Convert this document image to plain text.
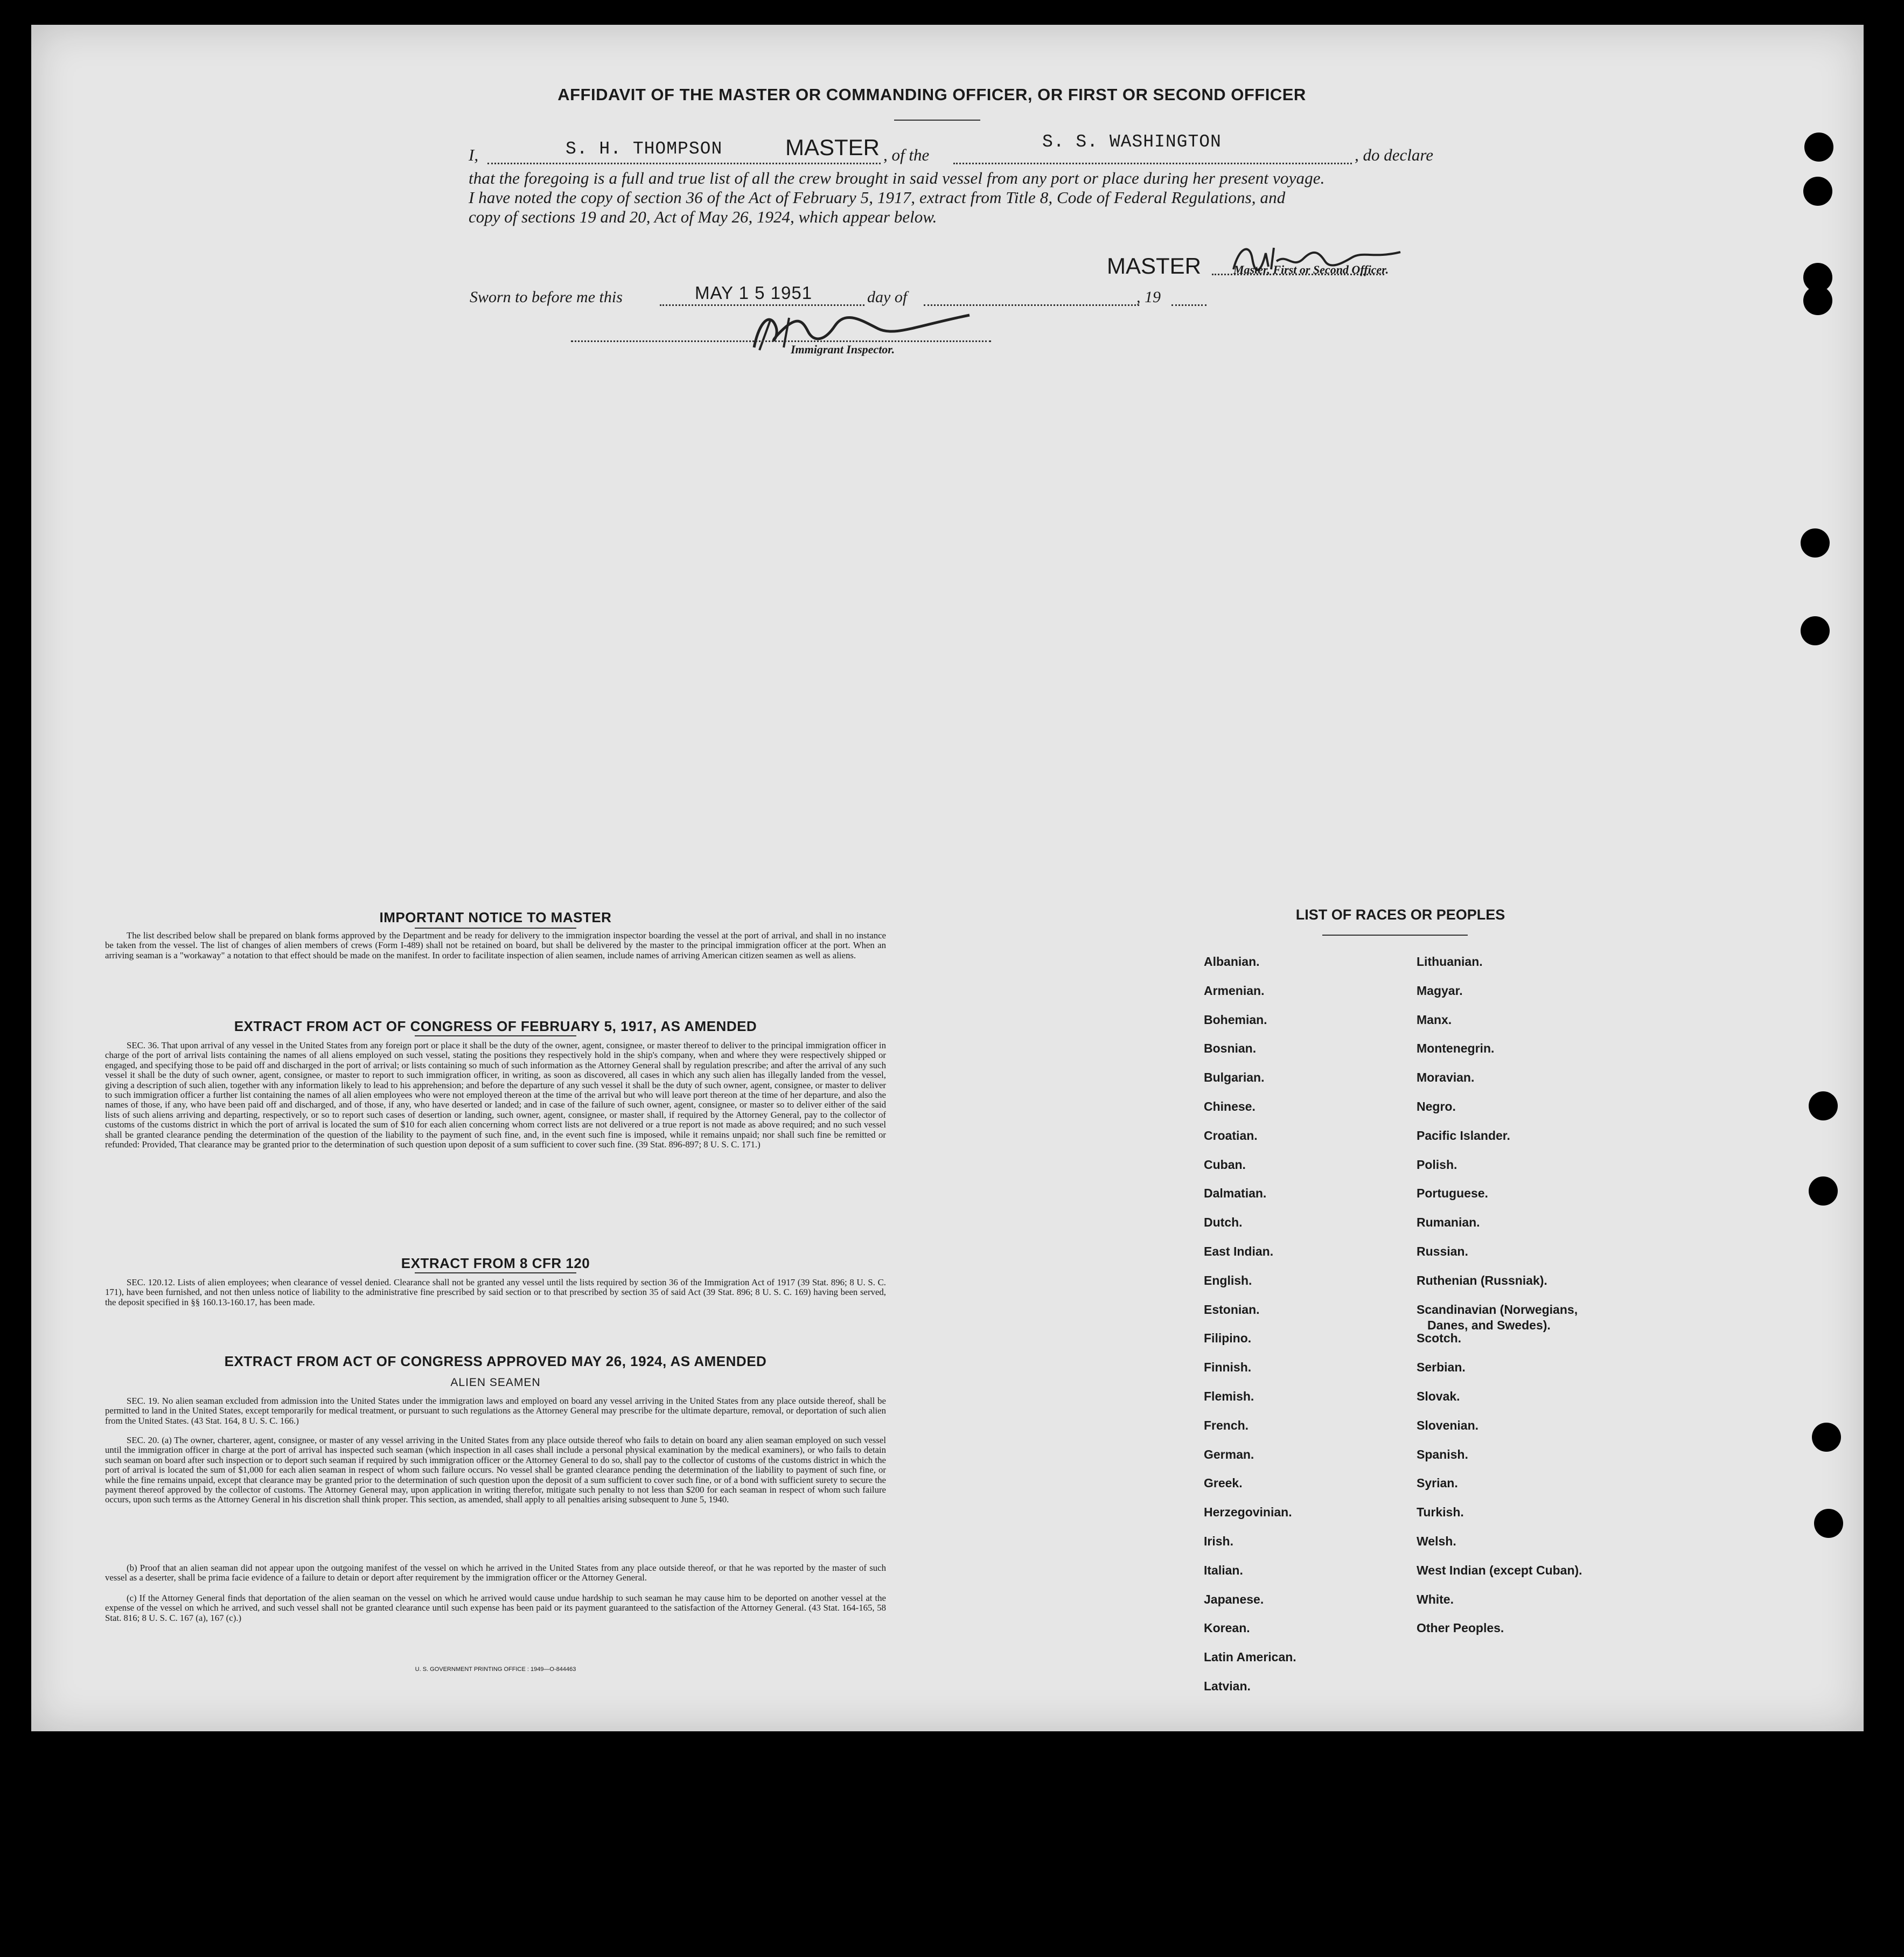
AFFIDAVIT OF THE MASTER OR COMMANDING OFFICER, OR FIRST OR SECOND OFFICER
I,	S. H. THOMPSON	MASTER , of the
S. S. WASHINGTON
, do declare
that the foregoing is a full and true list of all the crew brought in said vessel from any port or place during her present voyage.
I have noted the copy of section 36 of the Act of February 5, 1917, extract from Title 8, Code of Federal Regulations, and
copy of sections 19 and 20, Act of May 26, 1924, which appear below.
MASTER	Master, First or Second Officer.
Sworn to before me this	MAY 1 5 1951	day of	, 19
Immigrant Inspector.
IMPORTANT NOTICE TO MASTER
The list described below shall be prepared on blank forms approved by the Department and be ready for delivery to the immigration inspector boarding the vessel at the port of arrival, and shall in no instance be taken from the vessel. The list of changes of alien members of crews (Form I-489) shall not be retained on board, but shall be delivered by the master to the principal immigration officer at the port. When an arriving seaman is a "workaway" a notation to that effect should be made on the manifest. In order to facilitate inspection of alien seamen, include names of arriving American citizen seamen as well as aliens.
EXTRACT FROM ACT OF CONGRESS OF FEBRUARY 5, 1917, AS AMENDED
SEC. 36. That upon arrival of any vessel in the United States from any foreign port or place it shall be the duty of the owner, agent, consignee, or master thereof to deliver to the principal immigration officer in charge of the port of arrival lists containing the names of all aliens employed on such vessel, stating the positions they respectively hold in the ship's company, when and where they were respectively shipped or engaged, and specifying those to be paid off and discharged in the port of arrival; or lists containing so much of such information as the Attorney General shall by regulation prescribe; and after the arrival of any such vessel it shall be the duty of such owner, agent, consignee, or master to report to such immigration officer, in writing, as soon as discovered, all cases in which any such alien has illegally landed from the vessel, giving a description of such alien, together with any information likely to lead to his apprehension; and before the departure of any such vessel it shall be the duty of such owner, agent, consignee, or master to deliver to such immigration officer a further list containing the names of all alien employees who were not employed thereon at the time of the arrival but who will leave port thereon at the time of her departure, and also the names of those, if any, who have been paid off and discharged, and of those, if any, who have deserted or landed; and in case of the failure of such owner, agent, consignee, or master so to deliver either of the said lists of such aliens arriving and departing, respectively, or so to report such cases of desertion or landing, such owner, agent, consignee, or master shall, if required by the Attorney General, pay to the collector of customs of the customs district in which the port of arrival is located the sum of $10 for each alien concerning whom correct lists are not delivered or a true report is not made as above required; and no such vessel shall be granted clearance pending the determination of the question of the liability to the payment of such fine, and, in the event such fine is imposed, while it remains unpaid; nor shall such fine be remitted or refunded: Provided, That clearance may be granted prior to the determination of such question upon deposit of a sum sufficient to cover such fine. (39 Stat. 896-897; 8 U. S. C. 171.)
EXTRACT FROM 8 CFR 120
SEC. 120.12. Lists of alien employees; when clearance of vessel denied. Clearance shall not be granted any vessel until the lists required by section 36 of the Immigration Act of 1917 (39 Stat. 896; 8 U. S. C. 171), have been furnished, and not then unless notice of liability to the administrative fine prescribed by said section or to that prescribed by section 35 of said Act (39 Stat. 896; 8 U. S. C. 169) having been served, the deposit specified in §§ 160.13-160.17, has been made.
EXTRACT FROM ACT OF CONGRESS APPROVED MAY 26, 1924, AS AMENDED
ALIEN SEAMEN
SEC. 19. No alien seaman excluded from admission into the United States under the immigration laws and employed on board any vessel arriving in the United States from any place outside thereof, shall be permitted to land in the United States, except temporarily for medical treatment, or pursuant to such regulations as the Attorney General may prescribe for the ultimate departure, removal, or deportation of such alien from the United States. (43 Stat. 164, 8 U. S. C. 166.)
SEC. 20. (a) The owner, charterer, agent, consignee, or master of any vessel arriving in the United States from any place outside thereof who fails to detain on board any alien seaman employed on such vessel until the immigration officer in charge at the port of arrival has inspected such seaman (which inspection in all cases shall include a personal physical examination by the medical examiners), or who fails to detain such seaman on board after such inspection or to deport such seaman if required by such immigration officer or the Attorney General to do so, shall pay to the collector of customs of the customs district in which the port of arrival is located the sum of $1,000 for each alien seaman in respect of whom such failure occurs. No vessel shall be granted clearance pending the determination of the liability to payment of such fine, or while the fine remains unpaid, except that clearance may be granted prior to the determination of such question upon the deposit of a sum sufficient to cover such fine, or of a bond with sufficient surety to secure the payment thereof approved by the collector of customs. The Attorney General may, upon application in writing therefor, mitigate such penalty to not less than $200 for each seaman in respect of whom such failure occurs, upon such terms as the Attorney General in his discretion shall think proper. This section, as amended, shall apply to all penalties arising subsequent to June 5, 1940.
(b) Proof that an alien seaman did not appear upon the outgoing manifest of the vessel on which he arrived in the United States from any place outside thereof, or that he was reported by the master of such vessel as a deserter, shall be prima facie evidence of a failure to detain or deport after requirement by the immigration officer or the Attorney General.
(c) If the Attorney General finds that deportation of the alien seaman on the vessel on which he arrived would cause undue hardship to such seaman he may cause him to be deported on another vessel at the expense of the vessel on which he arrived, and such vessel shall not be granted clearance until such expense has been paid or its payment guaranteed to the satisfaction of the Attorney General. (43 Stat. 164-165, 58 Stat. 816; 8 U. S. C. 167 (a), 167 (c).)
U. S. GOVERNMENT PRINTING OFFICE : 1949—O-844463
LIST OF RACES OR PEOPLES
Albanian.
Armenian.
Bohemian.
Bosnian.
Bulgarian.
Chinese.
Croatian.
Cuban.
Dalmatian.
Dutch.
East Indian.
English.
Estonian.
Filipino.
Finnish.
Flemish.
French.
German.
Greek.
Herzegovinian.
Irish.
Italian.
Japanese.
Korean.
Latin American.
Latvian.
Lithuanian.
Magyar.
Manx.
Montenegrin.
Moravian.
Negro.
Pacific Islander.
Polish.
Portuguese.
Rumanian.
Russian.
Ruthenian (Russniak).
Scandinavian (Norwegians,
Danes, and Swedes).
Scotch.
Serbian.
Slovak.
Slovenian.
Spanish.
Syrian.
Turkish.
Welsh.
West Indian (except Cuban).
White.
Other Peoples.
